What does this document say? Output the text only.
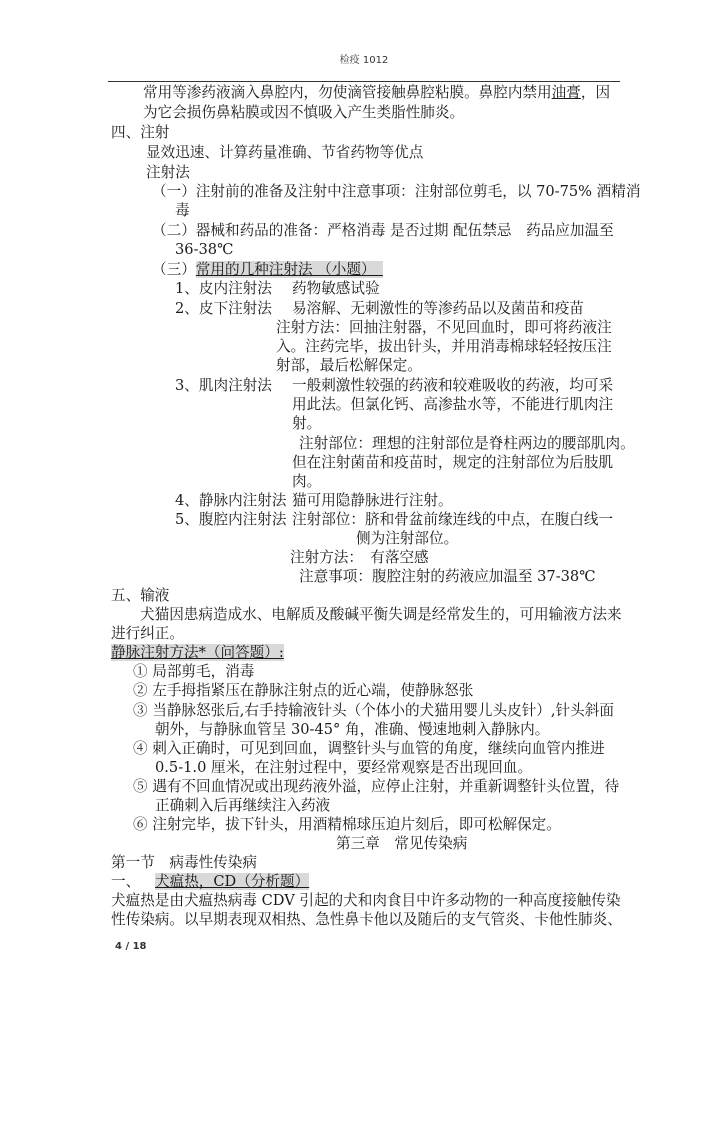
检疫 1012
常用等渗药液滴入鼻腔内，勿使滴管接触鼻腔粘膜。鼻腔内禁用油膏，因
为它会损伤鼻粘膜或因不慎吸入产生类脂性肺炎。
四、注射
显效迅速、计算药量准确、节省药物等优点
注射法
（一）注射前的准备及注射中注意事项：注射部位剪毛，以 70-75% 酒精消
毒
（二）器械和药品的准备：严格消毒 是否过期 配伍禁忌　药品应加温至
36-38℃
（三）常用的几种注射法 （小题）　
1、皮内注射法 药物敏感试验
2、皮下注射法 易溶解、无刺激性的等渗药品以及菌苗和疫苗
注射方法：回抽注射器，不见回血时，即可将药液注
入。注药完毕，拔出针头，并用消毒棉球轻轻按压注
射部，最后松解保定。
3、肌肉注射法 一般刺激性较强的药液和较难吸收的药液，均可采
用此法。但氯化钙、高渗盐水等，不能进行肌肉注
射。
注射部位：理想的注射部位是脊柱两边的腰部肌肉。
但在注射菌苗和疫苗时，规定的注射部位为后肢肌
肉。
4、静脉内注射法 猫可用隐静脉进行注射。
5、腹腔内注射法 注射部位：脐和骨盆前缘连线的中点，在腹白线一
侧为注射部位。
注射方法：　有落空感
注意事项：腹腔注射的药液应加温至 37-38℃
五、输液
犬猫因患病造成水、电解质及酸碱平衡失调是经常发生的，可用输液方法来
进行纠正。
静脉注射方法*（问答题）:
① 局部剪毛，消毒
② 左手拇指紧压在静脉注射点的近心端，使静脉怒张
③ 当静脉怒张后,右手持输液针头（个体小的犬猫用婴儿头皮针）,针头斜面
朝外，与静脉血管呈 30-45° 角，准确、慢速地刺入静脉内。
④ 刺入正确时，可见到回血，调整针头与血管的角度，继续向血管内推进
0.5-1.0 厘米，在注射过程中，要经常观察是否出现回血。
⑤ 遇有不回血情况或出现药液外溢，应停止注射，并重新调整针头位置，待
正确刺入后再继续注入药液
⑥ 注射完毕，拔下针头，用酒精棉球压迫片刻后，即可松解保定。
第三章　常见传染病
第一节　病毒性传染病
一、 犬瘟热，CD（分析题）
犬瘟热是由犬瘟热病毒 CDV 引起的犬和肉食目中许多动物的一种高度接触传染
性传染病。以早期表现双相热、急性鼻卡他以及随后的支气管炎、卡他性肺炎、
4 / 18
